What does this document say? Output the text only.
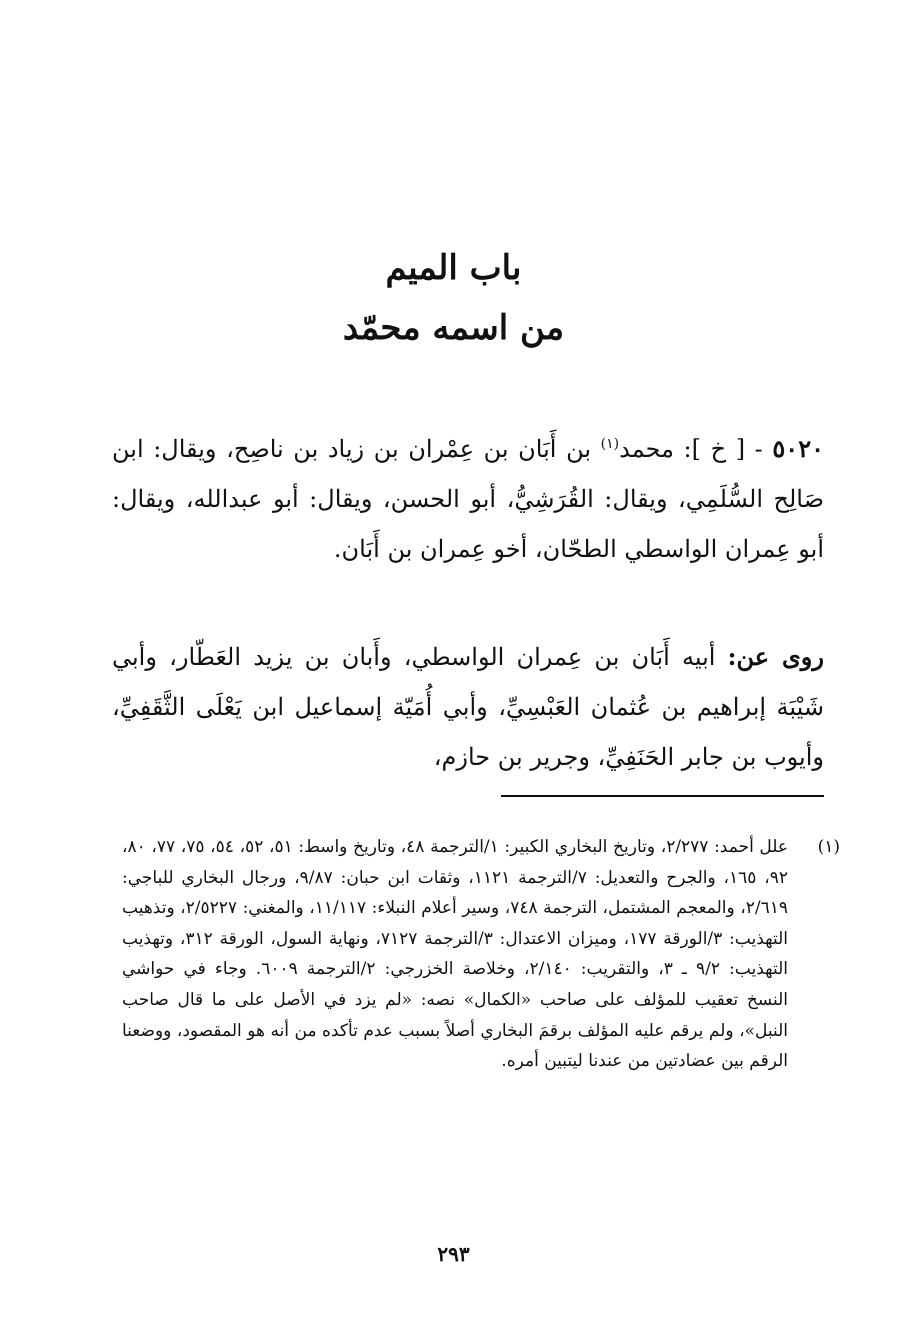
باب الميم
من اسمه محمّد

٥٠٢٠ - [ خ ]: محمد$^{(١)}$ بن أَبَان بن عِمْران بن زياد بن ناصِح، ويقال: ابن صَالِح السُّلَمِي، ويقال: القُرَشِيُّ، أبو الحسن، ويقال: أبو عبدالله، ويقال: أبو عِمران الواسطي الطحّان، أخو عِمران بن أَبَان.

روى عن: أبيه أَبَان بن عِمران الواسطي، وأَبان بن يزيد العَطّار، وأبي شَيْبَة إبراهيم بن عُثمان العَبْسِيِّ، وأبي أُمَيّة إسماعيل ابن يَعْلَى الثَّقَفِيِّ، وأيوب بن جابر الحَنَفِيِّ، وجرير بن حازم،

(١)
علل أحمد: ٢/٢٧٧، وتاريخ البخاري الكبير: ١/الترجمة ٤٨، وتاريخ واسط: ٥١، ٥٢، ٥٤، ٧٥، ٧٧، ٨٠، ٩٢، ١٦٥، والجرح والتعديل: ٧/الترجمة ١١٢١، وثقات ابن حبان: ٩/٨٧، ورجال البخاري للباجي: ٢/٦١٩، والمعجم المشتمل، الترجمة ٧٤٨، وسير أعلام النبلاء: ١١/١١٧، والمغني: ٢/٥٢٢٧، وتذهيب التهذيب: ٣/الورقة ١٧٧، وميزان الاعتدال: ٣/الترجمة ٧١٢٧، ونهاية السول، الورقة ٣١٢، وتهذيب التهذيب: ٩/٢ ـ ٣، والتقريب: ٢/١٤٠، وخلاصة الخزرجي: ٢/الترجمة ٦٠٠٩. وجاء في حواشي النسخ تعقيب للمؤلف على صاحب «الكمال» نصه: «لم يزد في الأصل على ما قال صاحب النبل»، ولم يرقم عليه المؤلف برقمَ البخاري أصلاً بسبب عدم تأكده من أنه هو المقصود، ووضعنا الرقم بين عضادتين من عندنا ليتبين أمره.
٢٩٣
